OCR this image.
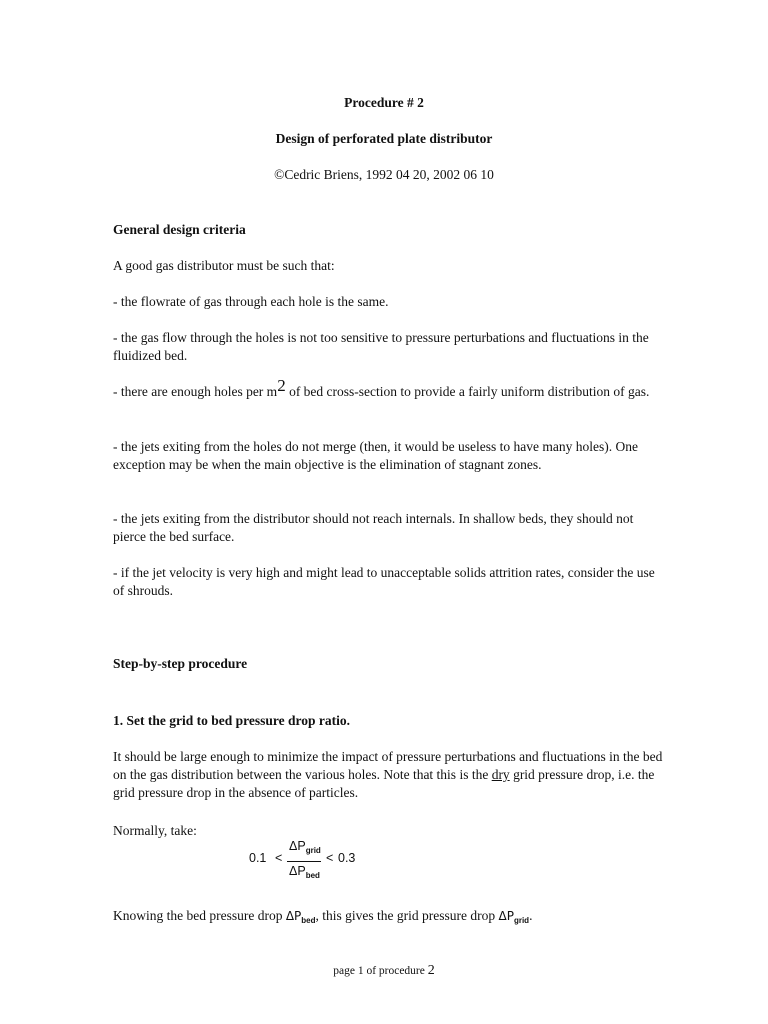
Procedure # 2
Design of perforated plate distributor
©Cedric Briens, 1992 04 20, 2002 06 10
General design criteria
A good gas distributor must be such that:

- the flowrate of gas through each hole is the same.

- the gas flow through the holes is not too sensitive to pressure perturbations and fluctuations in the fluidized bed.

- there are enough holes per $m^2$ of bed cross-section to provide a fairly uniform distribution of gas.

- the jets exiting from the holes do not merge (then, it would be useless to have many holes). One exception may be when the main objective is the elimination of stagnant zones.

- the jets exiting from the distributor should not reach internals. In shallow beds, they should not pierce the bed surface.

- if the jet velocity is very high and might lead to unacceptable solids attrition rates, consider the use of shrouds.

Step-by-step procedure
1. Set the grid to bed pressure drop ratio.

It should be large enough to minimize the impact of pressure perturbations and fluctuations in the bed on the gas distribution between the various holes. Note that this is the dry grid pressure drop, i.e. the grid pressure drop in the absence of particles.

Normally, take:
0.1 <
$\Delta P_{grid}$
$\Delta P_{bed}$
< 0.3
Knowing the bed pressure drop $\Delta P_{bed}$, this gives the grid pressure drop $\Delta P_{grid}$.
page 1 of procedure 2
